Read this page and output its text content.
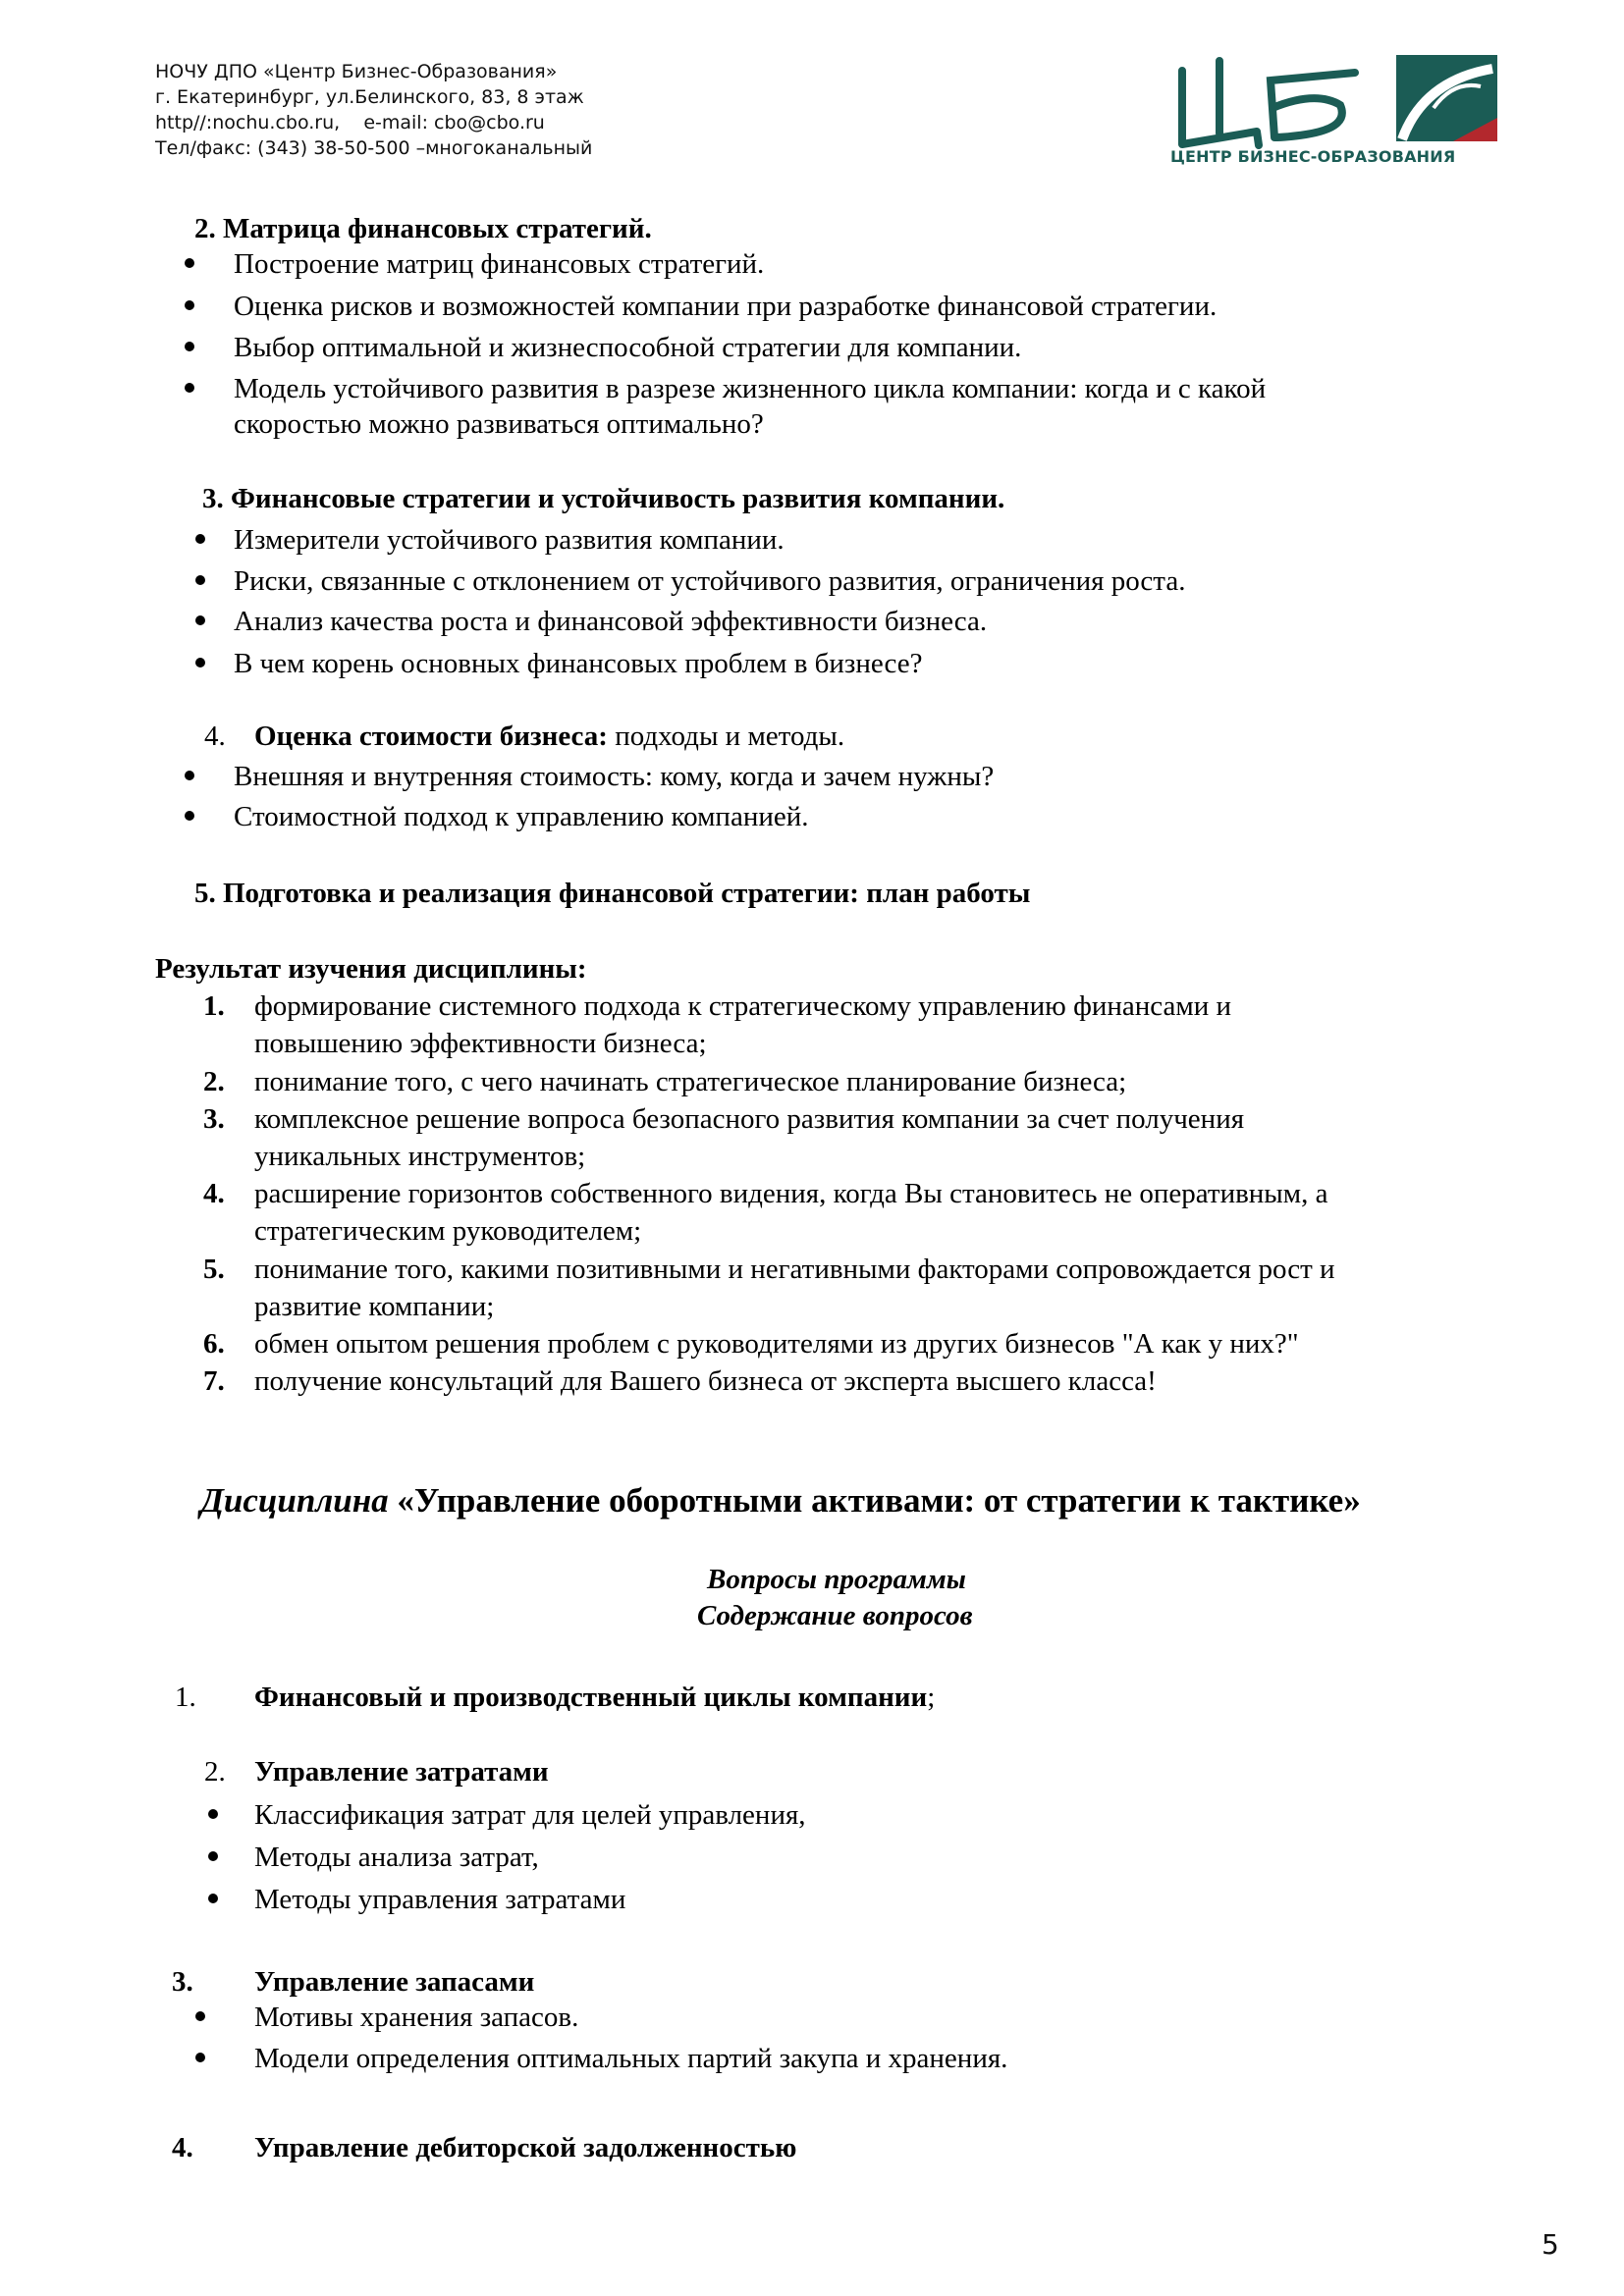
НОЧУ ДПО «Центр Бизнес-Образования»
г. Екатеринбург, ул.Белинского, 83, 8 этаж
http//:nochu.cbo.ru,    e-mail: cbo@cbo.ru
Тел/факс: (343) 38-50-500 –многоканальный	ЦЕНТР БИЗНЕС-ОБРАЗОВАНИЯ
2. Матрица финансовых стратегий.
Построение матриц финансовых стратегий.
Оценка рисков и возможностей компании при разработке финансовой стратегии.
Выбор оптимальной и жизнеспособной стратегии для компании.
Модель устойчивого развития в разрезе жизненного цикла компании: когда и с какой
скоростью можно развиваться оптимально?
3. Финансовые стратегии и устойчивость развития компании.
Измерители устойчивого развития компании.
Риски, связанные с отклонением от устойчивого развития, ограничения роста.
Анализ качества роста и финансовой эффективности бизнеса.
В чем корень основных финансовых проблем в бизнесе?
4. Оценка стоимости бизнеса: подходы и методы.
Внешняя и внутренняя стоимость: кому, когда и зачем нужны?
Стоимостной подход к управлению компанией.
5. Подготовка и реализация финансовой стратегии: план работы
Результат изучения дисциплины:
1. формирование системного подхода к стратегическому управлению финансами и
повышению эффективности бизнеса;
2. понимание того, с чего начинать стратегическое планирование бизнеса;
3. комплексное решение вопроса безопасного развития компании за счет получения
уникальных инструментов;
4. расширение горизонтов собственного видения, когда Вы становитесь не оперативным, а
стратегическим руководителем;
5. понимание того, какими позитивными и негативными факторами сопровождается рост и
развитие компании;
6. обмен опытом решения проблем с руководителями из других бизнесов "А как у них?"
7. получение консультаций для Вашего бизнеса от эксперта высшего класса!
Дисциплина «Управление оборотными активами: от стратегии к тактике»
Вопросы программы
Содержание вопросов
1. Финансовый и производственный циклы компании;
2. Управление затратами
Классификация затрат для целей управления,
Методы анализа затрат,
Методы управления затратами
3. Управление запасами
Мотивы хранения запасов.
Модели определения оптимальных партий закупа и хранения.
4. Управление дебиторской задолженностью
5
